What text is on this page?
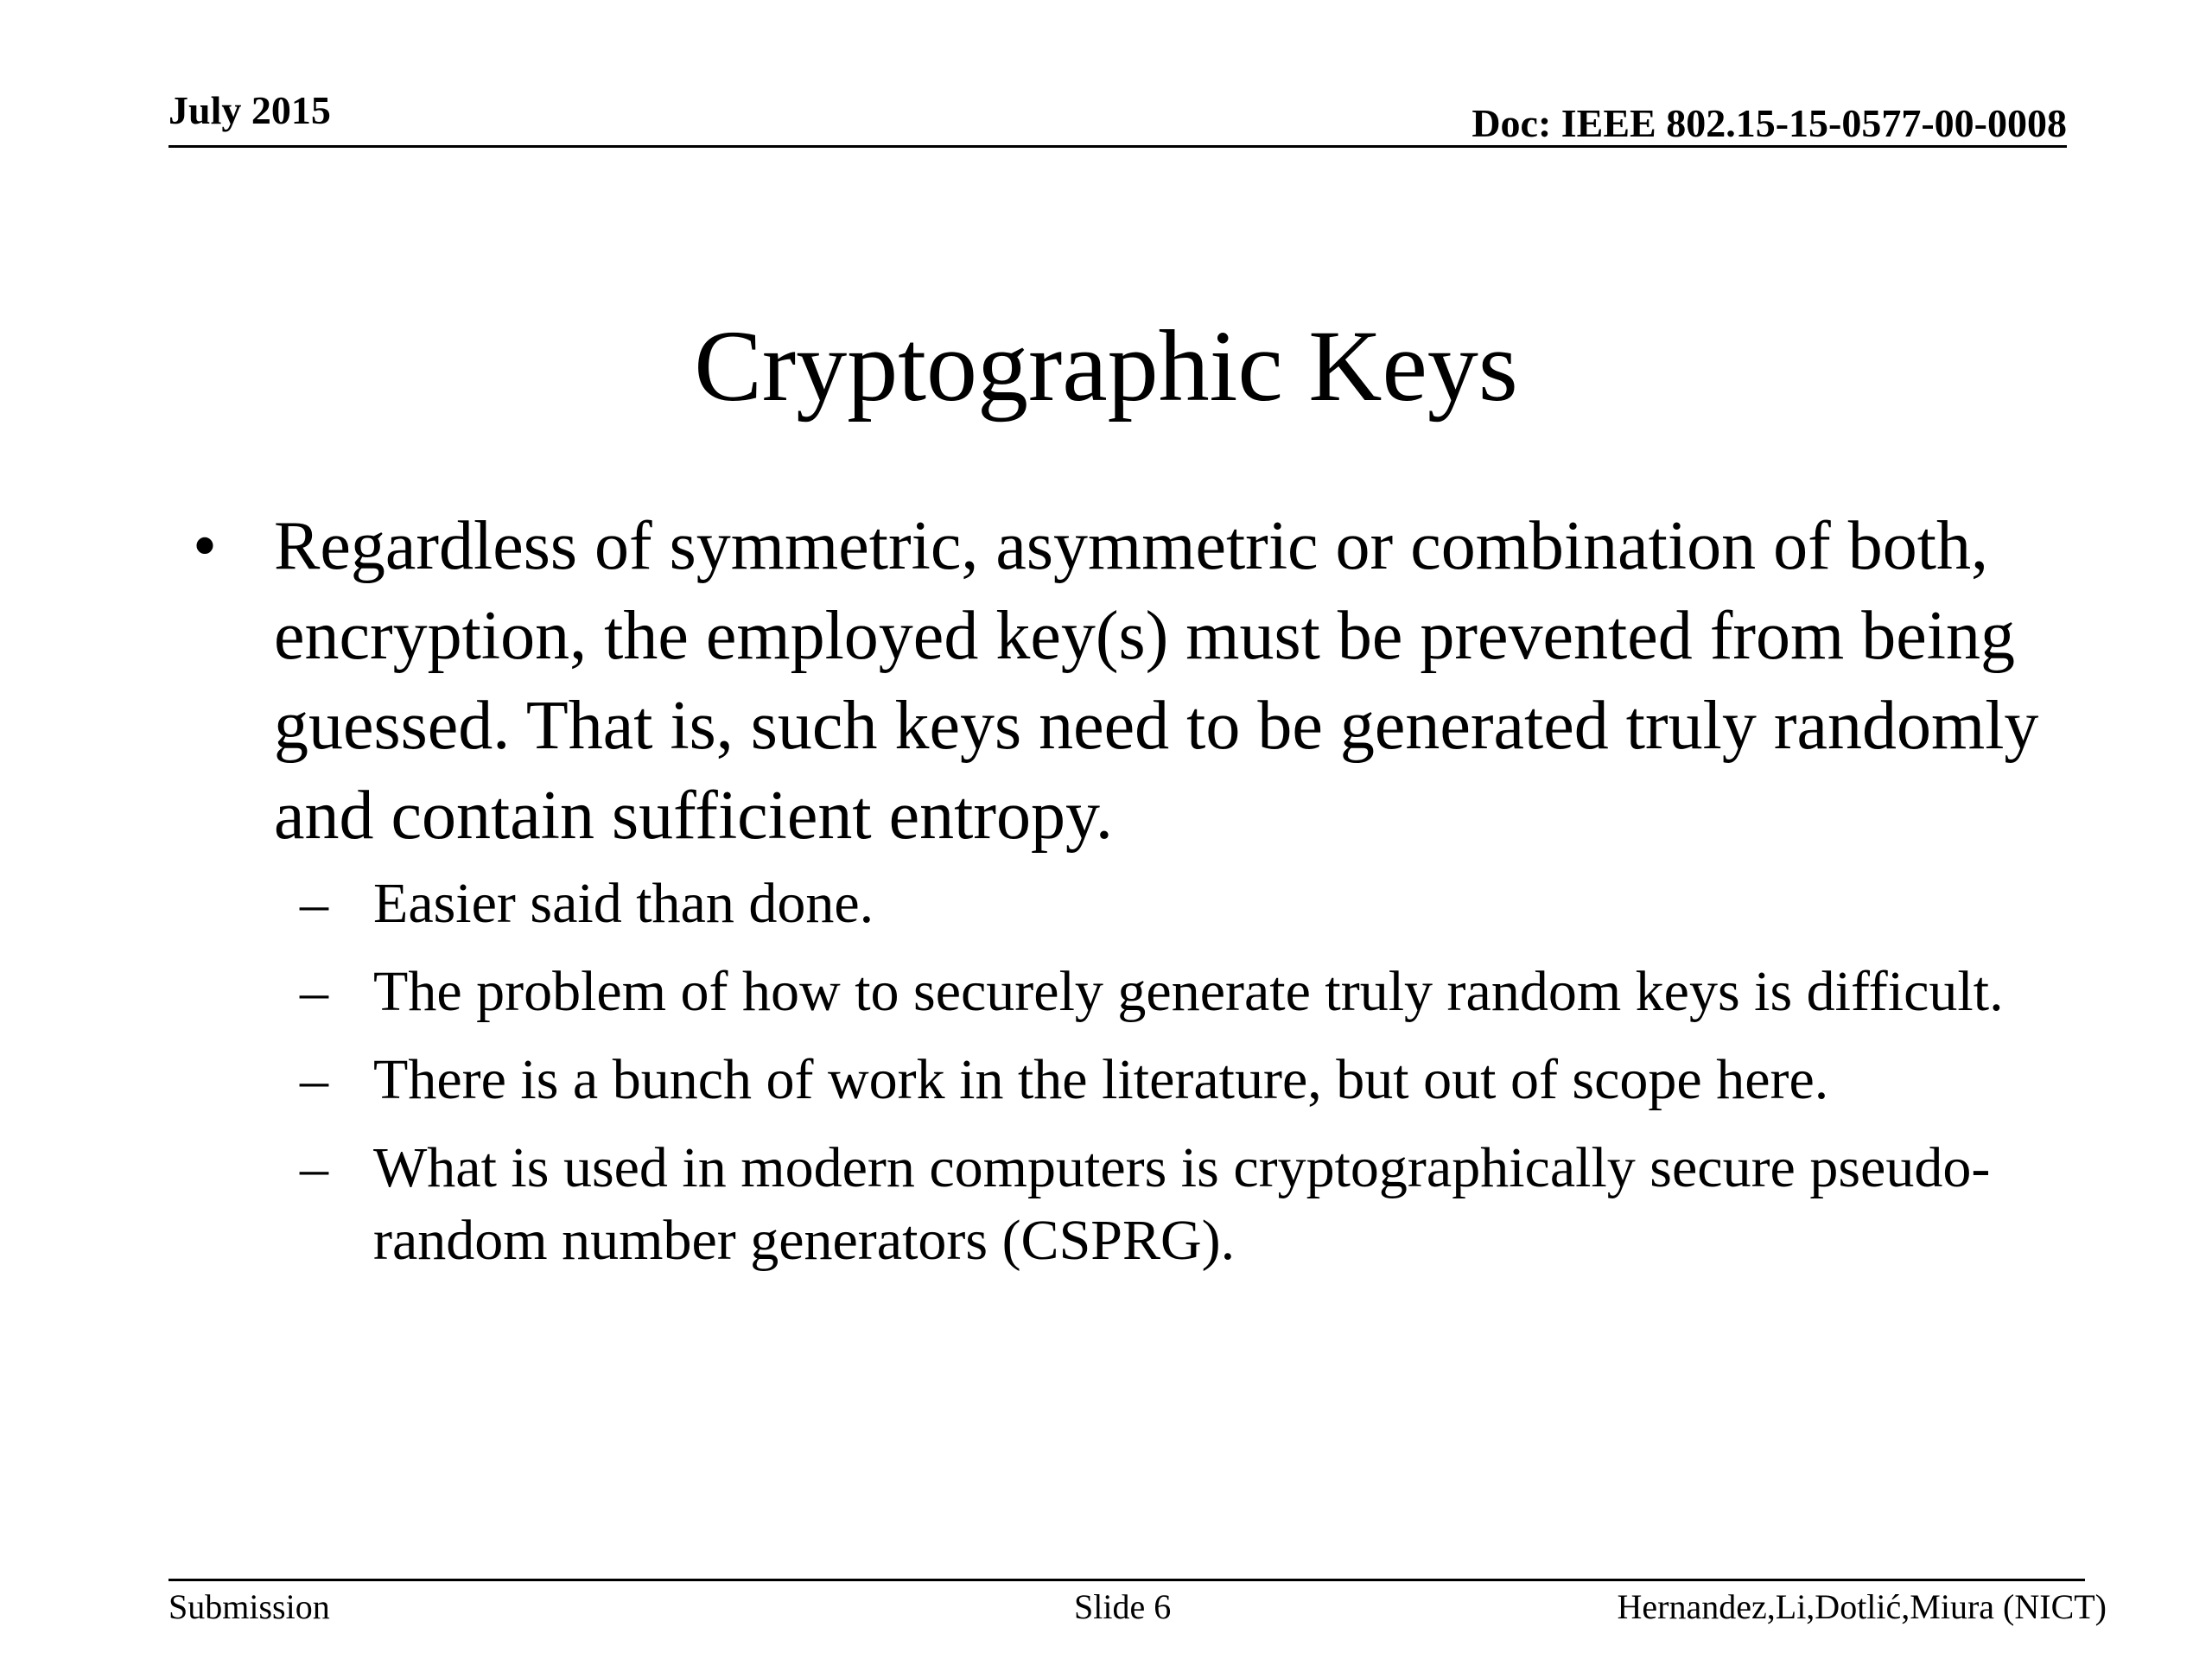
July 2015	Doc: IEEE 802.15-15-0577-00-0008
Cryptographic Keys
• Regardless of symmetric, asymmetric or combination of both, encryption, the employed key(s) must be prevented from being guessed. That is, such keys need to be generated truly randomly and contain sufficient entropy.
– Easier said than done.
– The problem of how to securely generate truly random keys is difficult.
– There is a bunch of work in the literature, but out of scope here.
– What is used in modern computers is cryptographically secure pseudo-random number generators (CSPRG).
Submission	Slide 6	Hernandez,Li,Dotlić,Miura (NICT)
